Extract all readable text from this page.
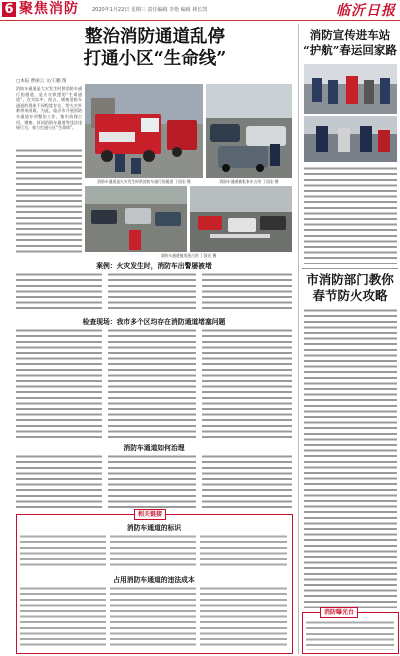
6 聚焦消防	2020年1月22日 星期三 责任编辑 李艳 编辑 林长凯	临沂日报
整治消防通道乱停
打通小区“生命线”
□本报 曹丽云 文/王鹏 图
消防车通道是大灾发生时供消防车通行的通道，是火灾救援的“生命通道”。在实际中，侵占、堵塞消防车通道的现象不同程度存在，给火灾扑救带来困难。为此，临沂市开展消防车通道专项整治工作，集中清理占用、堵塞、封闭消防车通道等违法违规行为，着力打通小区“生命线”。
消防车通道是火灾发生时供消防车通行的通道 丁国宏 摄	消防车通道被私家车占用 丁国宏 摄
消防车通道被违规占用 丁国宏 摄
案例：火灾发生时，消防车出警屡被堵
检查现场：我市多个区均存在消防通道堵塞问题
消防车通道如何治理
相关链接
消防车通道的标识
占用消防车通道的违法成本
消防宣传进车站
“护航”春运回家路
市消防部门教你
春节防火攻略
消防曝光台
